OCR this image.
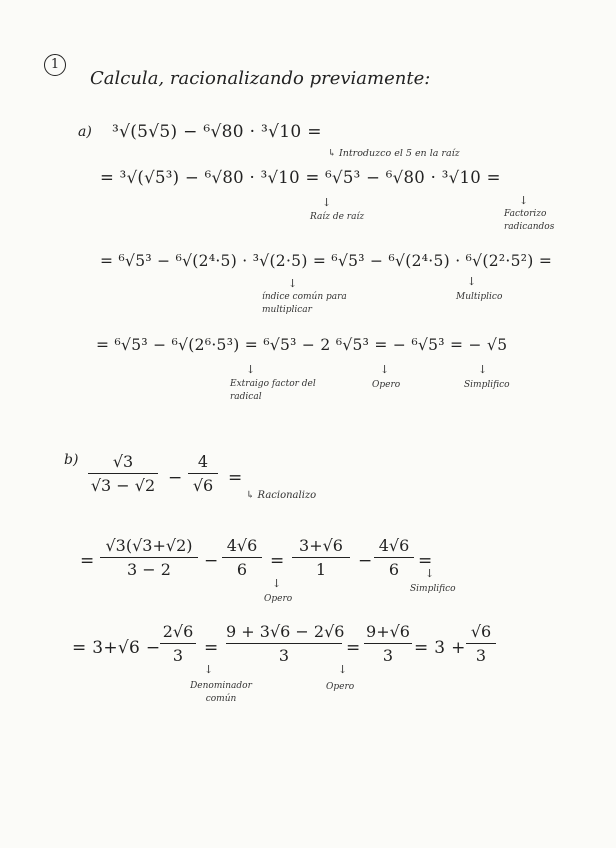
1
Calcula, racionalizando previamente:
a) ³√(5√5) − ⁶√80 · ³√10 =
↳ Introduzco el 5 en la raíz
= ³√(√5³) − ⁶√80 · ³√10 = ⁶√5³ − ⁶√80 · ³√10 =
↓
Raíz de raíz
↓
Factorizo radicandos
= ⁶√5³ − ⁶√(2⁴·5) · ³√(2·5) = ⁶√5³ − ⁶√(2⁴·5) · ⁶√(2²·5²) =
↓
índice común para multiplicar
↓
Multiplico
= ⁶√5³ − ⁶√(2⁶·5³) = ⁶√5³ − 2 ⁶√5³ = − ⁶√5³ = − √5
↓
Extraigo factor del radical
↓
Opero
↓
Simplifico
b)	√3
√3 − √2 −
4
√6 =
↳ Racionalizo
=
√3(√3+√2)
3 − 2	−
4√6
6	=
3+√6
1	−
4√6
6	=
↓
Opero
↓
Simplifico
= 3+√6 −
2√6
3	=
9 + 3√6 − 2√6
3	=
9+√6
3	= 3 +
√6
3
↓
Denominador común
↓
Opero
